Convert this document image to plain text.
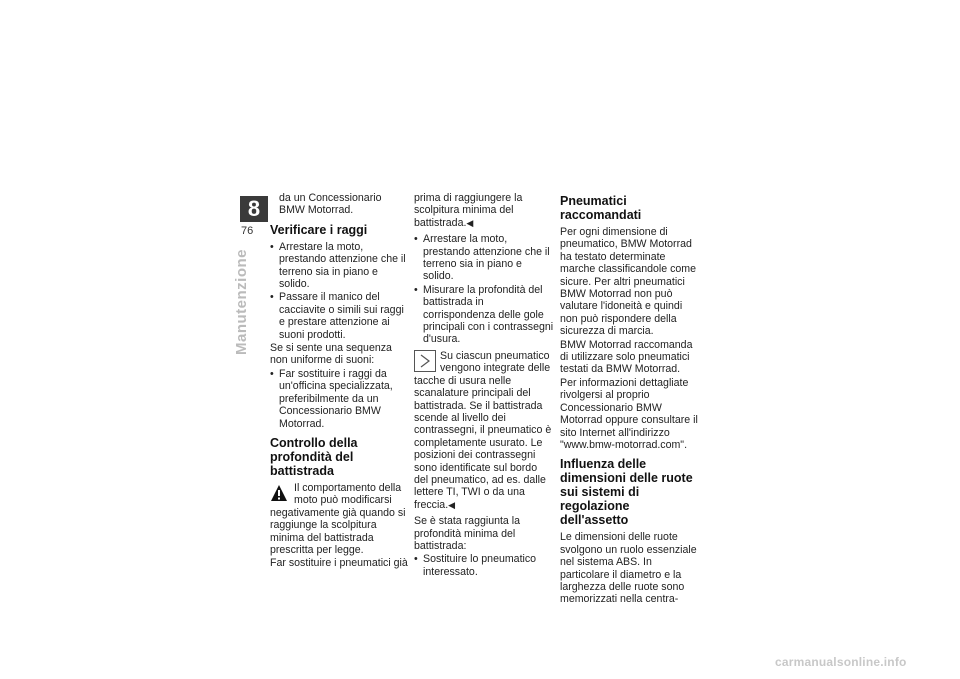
8
76
Manutenzione

da un Concessionario BMW Motorrad.

Verificare i raggi
• Arrestare la moto, prestando attenzione che il terreno sia in piano e solido.
• Passare il manico del cacciavite o simili sui raggi e prestare attenzione ai suoni prodotti.

Se si sente una sequenza non uniforme di suoni:

• Far sostituire i raggi da un'officina specializzata, preferibilmente da un Concessionario BMW Motorrad.
Controllo della profondità del battistrada

Il comportamento della moto può modificarsi negativamente già quando si raggiunge la scolpitura minima del battistrada prescritta per legge.

Far sostituire i pneumatici già

prima di raggiungere la scolpitura minima del battistrada.◀

• Arrestare la moto, prestando attenzione che il terreno sia in piano e solido.
• Misurare la profondità del battistrada in corrispondenza delle gole principali con i contrassegni d'usura.

Su ciascun pneumatico vengono integrate delle tacche di usura nelle scanalature principali del battistrada. Se il battistrada scende al livello dei contrassegni, il pneumatico è completamente usurato. Le posizioni dei contrassegni sono identificate sul bordo del pneumatico, ad es. dalle lettere TI, TWI o da una freccia.◀

Se è stata raggiunta la profondità minima del battistrada:

• Sostituire lo pneumatico interessato.
Pneumatici raccomandati

Per ogni dimensione di pneumatico, BMW Motorrad ha testato determinate marche classificandole come sicure. Per altri pneumatici BMW Motorrad non può valutare l'idoneità e quindi non può rispondere della sicurezza di marcia.

BMW Motorrad raccomanda di utilizzare solo pneumatici testati da BMW Motorrad.

Per informazioni dettagliate rivolgersi al proprio Concessionario BMW Motorrad oppure consultare il sito Internet all'indirizzo "www.bmw-motorrad.com".

Influenza delle dimensioni delle ruote sui sistemi di regolazione dell'assetto

Le dimensioni delle ruote svolgono un ruolo essenziale nel sistema ABS. In particolare il diametro e la larghezza delle ruote sono memorizzati nella centra-

carmanualsonline.info
